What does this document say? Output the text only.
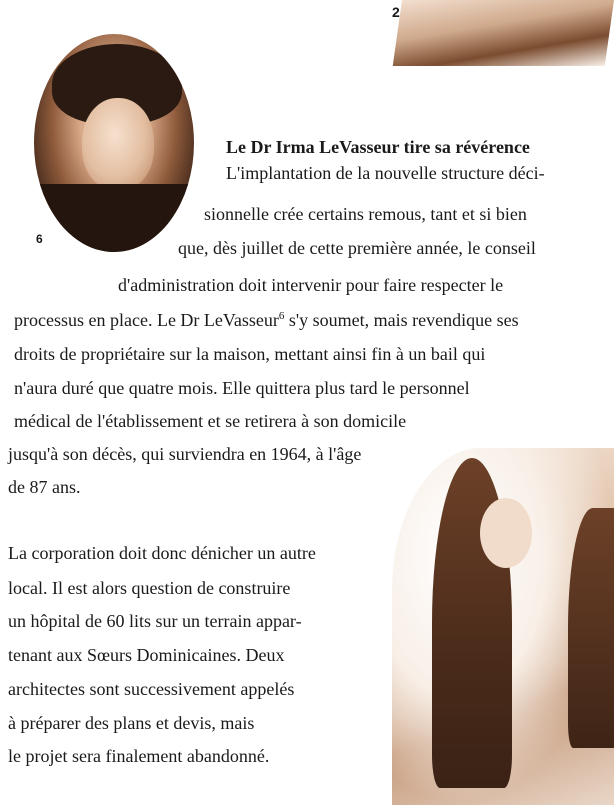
2
6
Le Dr Irma LeVasseur tire sa révérence
L'implantation de la nouvelle structure déci-
sionnelle crée certains remous, tant et si bien
que, dès juillet de cette première année, le conseil
d'administration doit intervenir pour faire respecter le
processus en place. Le Dr LeVasseur$^6$ s'y soumet, mais revendique ses
droits de propriétaire sur la maison, mettant ainsi fin à un bail qui
n'aura duré que quatre mois. Elle quittera plus tard le personnel
médical de l'établissement et se retirera à son domicile
jusqu'à son décès, qui surviendra en 1964, à l'âge
de 87 ans.
La corporation doit donc dénicher un autre
local. Il est alors question de construire
un hôpital de 60 lits sur un terrain appar-
tenant aux Sœurs Dominicaines. Deux
architectes sont successivement appelés
à préparer des plans et devis, mais
le projet sera finalement abandonné.
